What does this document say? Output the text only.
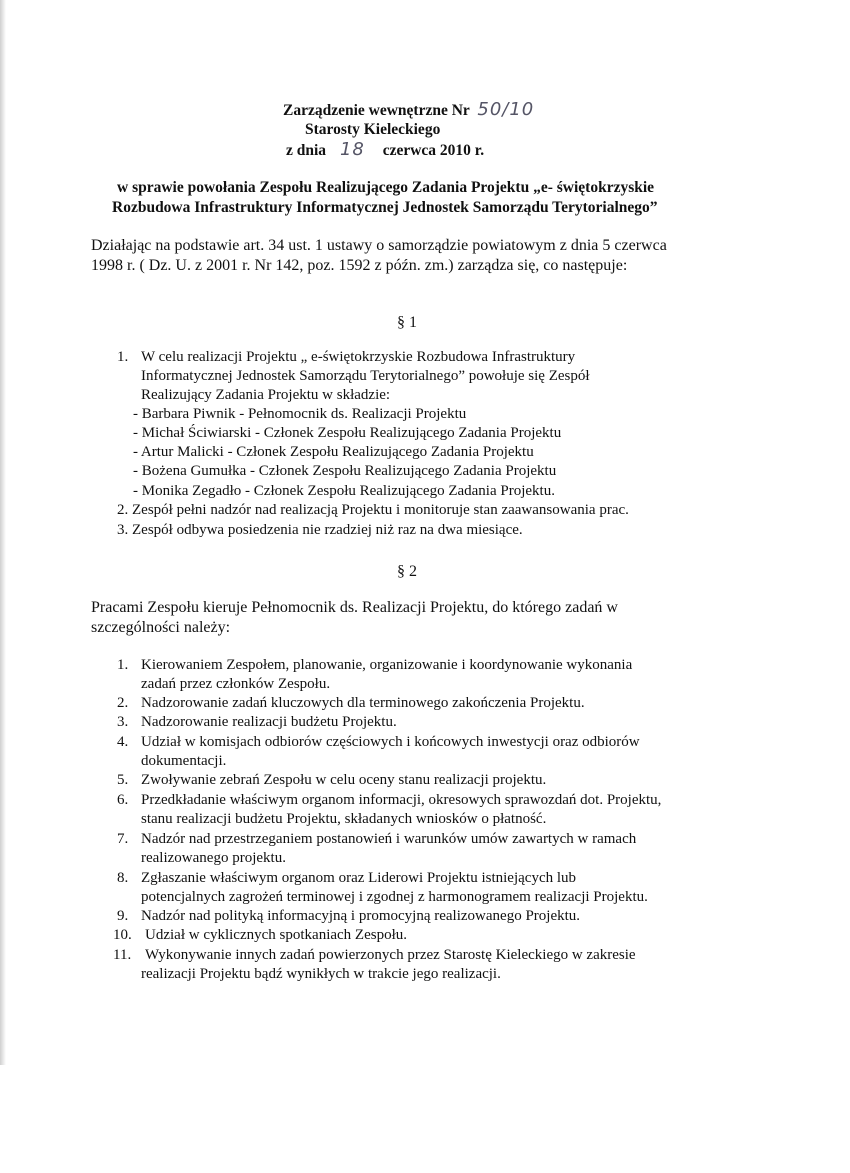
Zarządzenie wewnętrzne Nr 50/10
Starosty Kieleckiego
z dnia 18 czerwca 2010 r.
w sprawie powołania Zespołu Realizującego Zadania Projektu „e- świętokrzyskie
Rozbudowa Infrastruktury Informatycznej Jednostek Samorządu Terytorialnego”
Działając na podstawie art. 34 ust. 1 ustawy o samorządzie powiatowym z dnia 5 czerwca
1998 r. ( Dz. U. z 2001 r. Nr 142, poz. 1592 z późn. zm.) zarządza się, co następuje:
§ 1
1. W celu realizacji Projektu „ e-świętokrzyskie Rozbudowa Infrastruktury
Informatycznej Jednostek Samorządu Terytorialnego” powołuje się Zespół
Realizujący Zadania Projektu w składzie:
- Barbara Piwnik - Pełnomocnik ds. Realizacji Projektu
- Michał Ściwiarski - Członek Zespołu Realizującego Zadania Projektu
- Artur Malicki - Członek Zespołu Realizującego Zadania Projektu
- Bożena Gumułka - Członek Zespołu Realizującego Zadania Projektu
- Monika Zegadło - Członek Zespołu Realizującego Zadania Projektu.
2. Zespół pełni nadzór nad realizacją Projektu i monitoruje stan zaawansowania prac.
3. Zespół odbywa posiedzenia nie rzadziej niż raz na dwa miesiące.
§ 2
Pracami Zespołu kieruje Pełnomocnik ds. Realizacji Projektu, do którego zadań w
szczególności należy:
1. Kierowaniem Zespołem, planowanie, organizowanie i koordynowanie wykonania
zadań przez członków Zespołu.
2. Nadzorowanie zadań kluczowych dla terminowego zakończenia Projektu.
3. Nadzorowanie realizacji budżetu Projektu.
4. Udział w komisjach odbiorów częściowych i końcowych inwestycji oraz odbiorów
dokumentacji.
5. Zwoływanie zebrań Zespołu w celu oceny stanu realizacji projektu.
6. Przedkładanie właściwym organom informacji, okresowych sprawozdań dot. Projektu,
stanu realizacji budżetu Projektu, składanych wniosków o płatność.
7. Nadzór nad przestrzeganiem postanowień i warunków umów zawartych w ramach
realizowanego projektu.
8. Zgłaszanie właściwym organom oraz Liderowi Projektu istniejących lub
potencjalnych zagrożeń terminowej i zgodnej z harmonogramem realizacji Projektu.
9. Nadzór nad polityką informacyjną i promocyjną realizowanego Projektu.
10. Udział w cyklicznych spotkaniach Zespołu.
11. Wykonywanie innych zadań powierzonych przez Starostę Kieleckiego w zakresie
realizacji Projektu bądź wynikłych w trakcie jego realizacji.
